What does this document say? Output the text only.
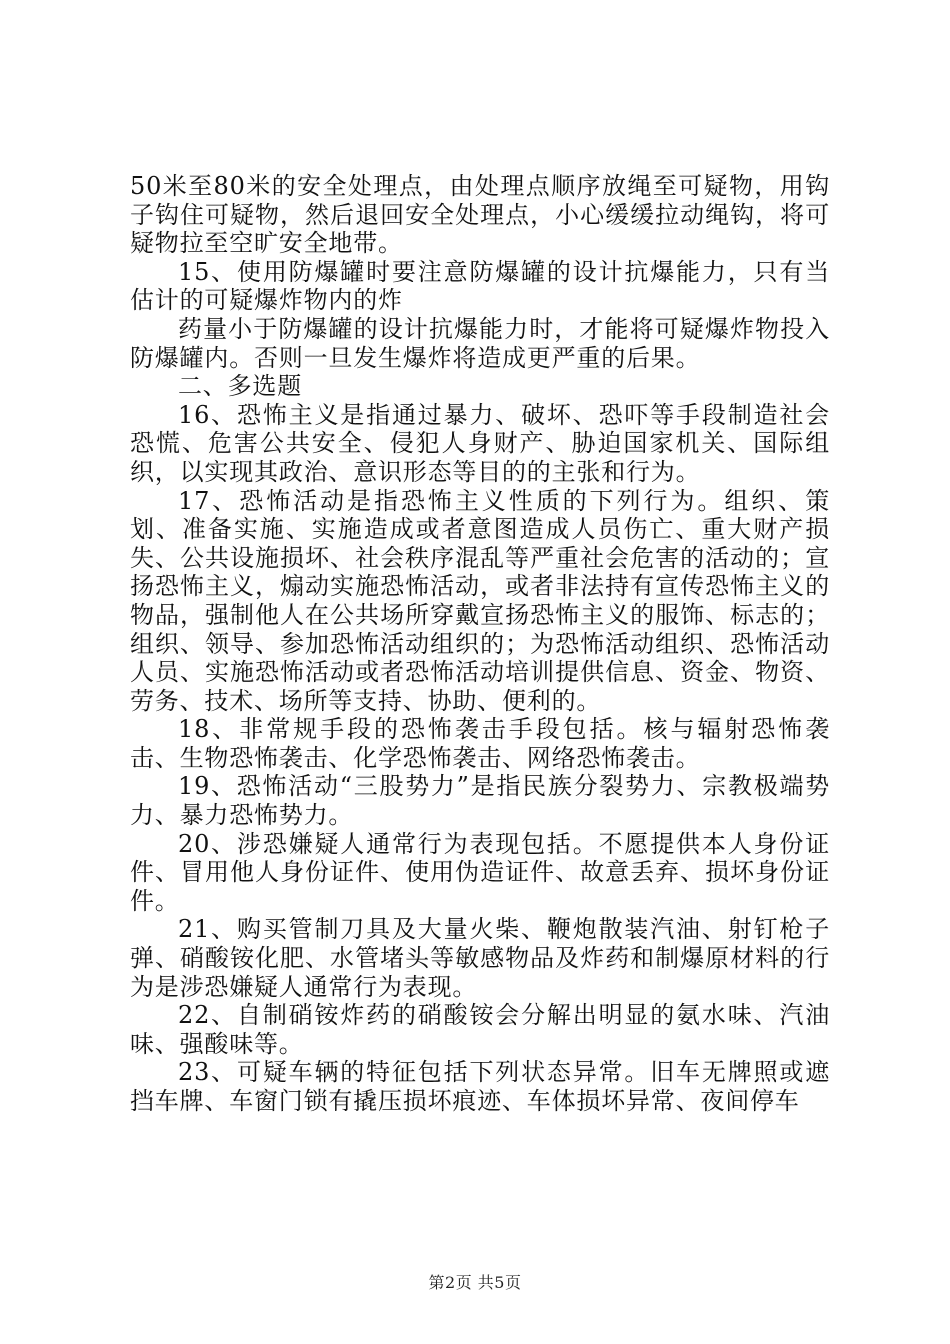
50米至80米的安全处理点，由处理点顺序放绳至可疑物，用钩子钩住可疑物，然后退回安全处理点，小心缓缓拉动绳钩，将可疑物拉至空旷安全地带。

15、使用防爆罐时要注意防爆罐的设计抗爆能力，只有当估计的可疑爆炸物内的炸

药量小于防爆罐的设计抗爆能力时，才能将可疑爆炸物投入防爆罐内。否则一旦发生爆炸将造成更严重的后果。

二、多选题

16、恐怖主义是指通过暴力、破坏、恐吓等手段制造社会恐慌、危害公共安全、侵犯人身财产、胁迫国家机关、国际组织，以实现其政治、意识形态等目的的主张和行为。

17、恐怖活动是指恐怖主义性质的下列行为。组织、策划、准备实施、实施造成或者意图造成人员伤亡、重大财产损失、公共设施损坏、社会秩序混乱等严重社会危害的活动的；宣扬恐怖主义，煽动实施恐怖活动，或者非法持有宣传恐怖主义的物品，强制他人在公共场所穿戴宣扬恐怖主义的服饰、标志的；组织、领导、参加恐怖活动组织的；为恐怖活动组织、恐怖活动人员、实施恐怖活动或者恐怖活动培训提供信息、资金、物资、劳务、技术、场所等支持、协助、便利的。

18、非常规手段的恐怖袭击手段包括。核与辐射恐怖袭击、生物恐怖袭击、化学恐怖袭击、网络恐怖袭击。

19、恐怖活动“三股势力”是指民族分裂势力、宗教极端势力、暴力恐怖势力。

20、涉恐嫌疑人通常行为表现包括。不愿提供本人身份证件、冒用他人身份证件、使用伪造证件、故意丢弃、损坏身份证件。

21、购买管制刀具及大量火柴、鞭炮散装汽油、射钉枪子弹、硝酸铵化肥、水管堵头等敏感物品及炸药和制爆原材料的行为是涉恐嫌疑人通常行为表现。

22、自制硝铵炸药的硝酸铵会分解出明显的氨水味、汽油味、强酸味等。

23、可疑车辆的特征包括下列状态异常。旧车无牌照或遮挡车牌、车窗门锁有撬压损坏痕迹、车体损坏异常、夜间停车

第2页 共5页
